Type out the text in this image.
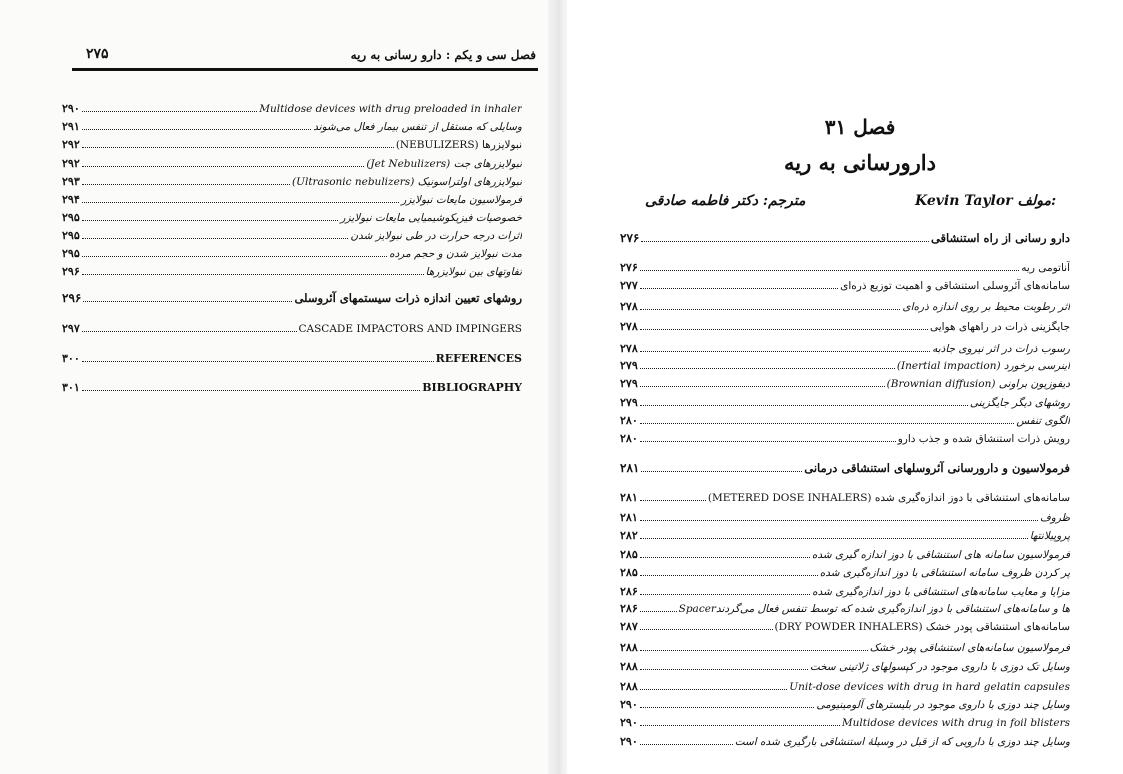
۲۷۵	فصل سی و یکم : دارو رسانی به ریه
۲۹۰	Multidose devices with drug preloaded in inhaler
۲۹۱	وسایلی که مستقل از تنفس بیمار فعال می‌شوند
۲۹۲	نبولایزرها (NEBULIZERS)
۲۹۲	نبولایزرهای جت (Jet Nebulizers)
۲۹۳	نبولایزرهای اولتراسونیک (Ultrasonic nebulizers)
۲۹۴	فرمولاسیون مایعات نبولایزر
۲۹۵	خصوصیات فیزیکوشیمیایی مایعات نبولایزر
۲۹۵	اثرات درجه حرارت در طی نبولایز شدن
۲۹۵	مدت نبولایز شدن و حجم مرده
۲۹۶	تفاوتهای بین نبولایزرها
۲۹۶	روشهای تعیین اندازه ذرات سیستمهای آئروسلی
۲۹۷	CASCADE IMPACTORS AND IMPINGERS
۳۰۰	REFERENCES
۳۰۱	BIBLIOGRAPHY
فصل ۳۱
دارورسانی به ریه
مترجم: دکتر فاطمه صادقی	Kevin Taylor مولف:
۲۷۶	دارو رسانی از راه استنشاقی
۲۷۶	آناتومی ریه
۲۷۷	سامانه‌های آئروسلی استنشاقی و اهمیت توزیع ذره‌ای
۲۷۸	اثر رطوبت محیط بر روی اندازه ذره‌ای
۲۷۸	جایگزینی ذرات در راههای هوایی
۲۷۸	رسوب ذرات در اثر نیروی جاذبه
۲۷۹	اینرسی برخورد (Inertial impaction)
۲۷۹	دیفوزیون براونی (Brownian diffusion)
۲۷۹	روشهای دیگر جایگزینی
۲۸۰	الگوی تنفس
۲۸۰	رویش ذرات استنشاق شده و جذب دارو
۲۸۱	فرمولاسیون و دارورسانی آئروسلهای استنشاقی درمانی
۲۸۱	سامانه‌های استنشاقی با دوز اندازه‌گیری شده (METERED DOSE INHALERS)
۲۸۱	ظروف
۲۸۲	پروپیلانتها
۲۸۵	فرمولاسیون سامانه های استنشاقی با دوز اندازه گیری شده
۲۸۵	پر کردن ظروف سامانه استنشاقی با دوز اندازه‌گیری شده
۲۸۶	مزایا و معایب سامانه‌های استنشاقی با دوز اندازه‌گیری شده
۲۸۶	Spacerها و سامانه‌های استنشاقی با دوز اندازه‌گیری شده که توسط تنفس فعال می‌گردند
۲۸۷	سامانه‌های استنشاقی پودر خشک (DRY POWDER INHALERS)
۲۸۸	فرمولاسیون سامانه‌های استنشاقی پودر خشک
۲۸۸	وسایل تک دوزی با داروی موجود در کپسولهای ژلاتینی سخت
۲۸۸	Unit-dose devices with drug in hard gelatin capsules
۲۹۰	وسایل چند دوزی با داروی موجود در بلیسترهای آلومینیومی
۲۹۰	Multidose devices with drug in foil blisters
۲۹۰	وسایل چند دوزی با دارویی که از قبل در وسیلهٔ استنشاقی بارگیری شده است
